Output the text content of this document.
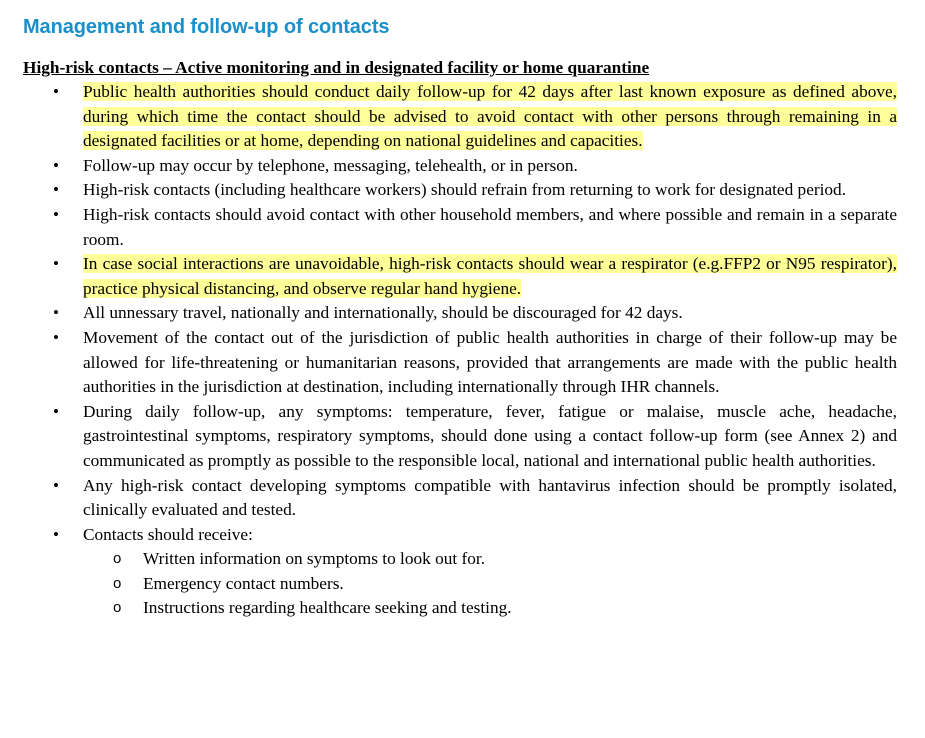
Management and follow-up of contacts

High-risk contacts – Active monitoring and in designated facility or home quarantine

• Public health authorities should conduct daily follow-up for 42 days after last known exposure as defined above, during which time the contact should be advised to avoid contact with other persons through remaining in a designated facilities or at home, depending on national guidelines and capacities.
• Follow-up may occur by telephone, messaging, telehealth, or in person.
• High-risk contacts (including healthcare workers) should refrain from returning to work for designated period.
• High-risk contacts should avoid contact with other household members, and where possible and remain in a separate room.
• In case social interactions are unavoidable, high-risk contacts should wear a respirator (e.g.FFP2 or N95 respirator), practice physical distancing, and observe regular hand hygiene.
• All unnessary travel, nationally and internationally, should be discouraged for 42 days.
• Movement of the contact out of the jurisdiction of public health authorities in charge of their follow-up may be allowed for life-threatening or humanitarian reasons, provided that arrangements are made with the public health authorities in the jurisdiction at destination, including internationally through IHR channels.
• During daily follow-up, any symptoms: temperature, fever, fatigue or malaise, muscle ache, headache, gastrointestinal symptoms, respiratory symptoms, should done using a contact follow-up form (see Annex 2) and communicated as promptly as possible to the responsible local, national and international public health authorities.
• Any high-risk contact developing symptoms compatible with hantavirus infection should be promptly isolated, clinically evaluated and tested.
• Contacts should receive:
o Written information on symptoms to look out for.
o Emergency contact numbers.
o Instructions regarding healthcare seeking and testing.
